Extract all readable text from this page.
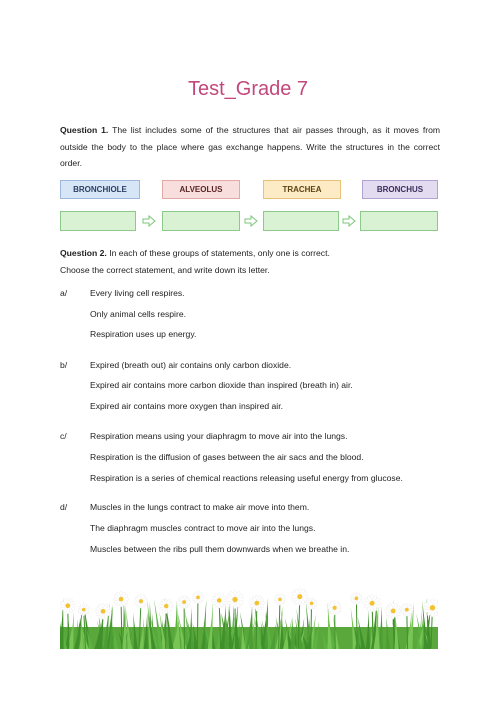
Test_Grade 7

Question 1. The list includes some of the structures that air passes through, as it moves from outside the body to the place where gas exchange happens. Write the structures in the correct order.

BRONCHIOLE	ALVEOLUS	TRACHEA	BRONCHUS
Question 2. In each of these groups of statements, only one is correct.
Choose the correct statement, and write down its letter.
a/	Every living cell respires.
Only animal cells respire.
Respiration uses up energy.
b/	Expired (breath out) air contains only carbon dioxide.
Expired air contains more carbon dioxide than inspired (breath in) air.
Expired air contains more oxygen than inspired air.
c/	Respiration means using your diaphragm to move air into the lungs.
Respiration is the diffusion of gases between the air sacs and the blood.
Respiration is a series of chemical reactions releasing useful energy from glucose.
d/	Muscles in the lungs contract to make air move into them.
The diaphragm muscles contract to move air into the lungs.
Muscles between the ribs pull them downwards when we breathe in.
